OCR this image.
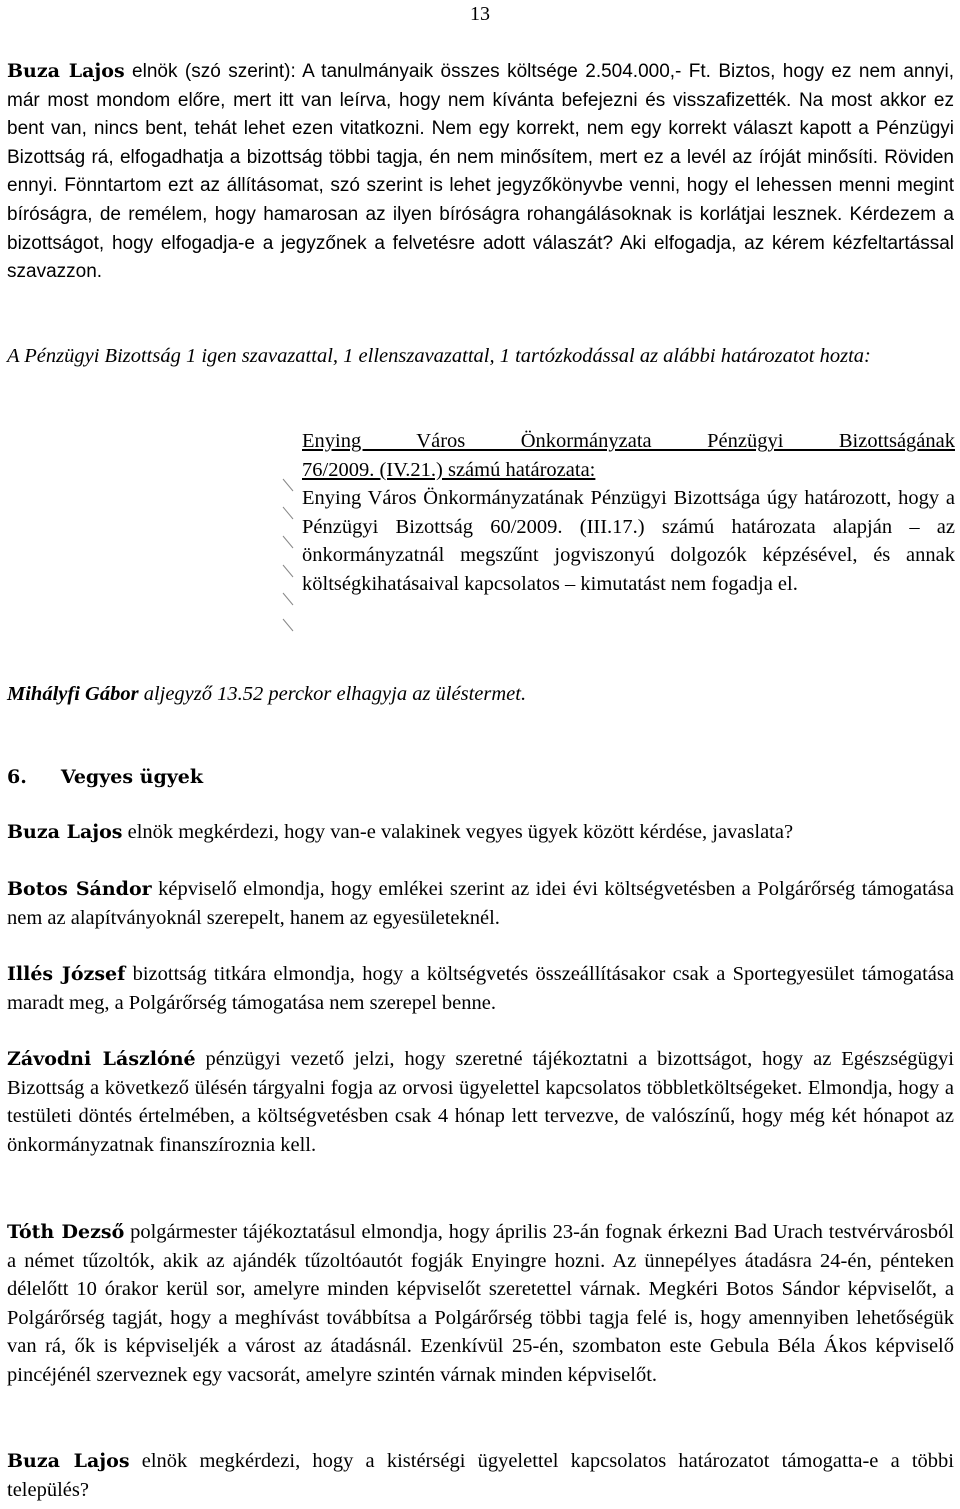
13

Buza Lajos elnök (szó szerint): A tanulmányaik összes költsége 2.504.000,- Ft. Biztos, hogy ez nem annyi, már most mondom előre, mert itt van leírva, hogy nem kívánta befejezni és visszafizették. Na most akkor ez bent van, nincs bent, tehát lehet ezen vitatkozni. Nem egy korrekt, nem egy korrekt választ kapott a Pénzügyi Bizottság rá, elfogadhatja a bizottság többi tagja, én nem minősítem, mert ez a levél az íróját minősíti. Röviden ennyi. Fönntartom ezt az állításomat, szó szerint is lehet jegyzőkönyvbe venni, hogy el lehessen menni megint bíróságra, de remélem, hogy hamarosan az ilyen bíróságra rohangálásoknak is korlátjai lesznek. Kérdezem a bizottságot, hogy elfogadja-e a jegyzőnek a felvetésre adott válaszát? Aki elfogadja, az kérem kézfeltartással szavazzon.

A Pénzügyi Bizottság 1 igen szavazattal, 1 ellenszavazattal, 1 tartózkodással az alábbi határozatot hozta:

Enying Város Önkormányzata Pénzügyi Bizottságának

76/2009. (IV.21.) számú határozata:

Enying Város Önkormányzatának Pénzügyi Bizottsága úgy határozott, hogy a Pénzügyi Bizottság 60/2009. (III.17.) számú határozata alapján – az önkormányzatnál megszűnt jogviszonyú dolgozók képzésével, és annak költségkihatásaival kapcsolatos – kimutatást nem fogadja el.

Mihályfi Gábor aljegyző 13.52 perckor elhagyja az üléstermet.

6. Vegyes ügyek

Buza Lajos elnök megkérdezi, hogy van-e valakinek vegyes ügyek között kérdése, javaslata?

Botos Sándor képviselő elmondja, hogy emlékei szerint az idei évi költségvetésben a Polgárőrség támogatása nem az alapítványoknál szerepelt, hanem az egyesületeknél.

Illés József bizottság titkára elmondja, hogy a költségvetés összeállításakor csak a Sportegyesület támogatása maradt meg, a Polgárőrség támogatása nem szerepel benne.

Závodni Lászlóné pénzügyi vezető jelzi, hogy szeretné tájékoztatni a bizottságot, hogy az Egészségügyi Bizottság a következő ülésén tárgyalni fogja az orvosi ügyelettel kapcsolatos többletköltségeket. Elmondja, hogy a testületi döntés értelmében, a költségvetésben csak 4 hónap lett tervezve, de valószínű, hogy még két hónapot az önkormányzatnak finanszíroznia kell.

Tóth Dezső polgármester tájékoztatásul elmondja, hogy április 23-án fognak érkezni Bad Urach testvérvárosból a német tűzoltók, akik az ajándék tűzoltóautót fogják Enyingre hozni. Az ünnepélyes átadásra 24-én, pénteken délelőtt 10 órakor kerül sor, amelyre minden képviselőt szeretettel várnak. Megkéri Botos Sándor képviselőt, a Polgárőrség tagját, hogy a meghívást továbbítsa a Polgárőrség többi tagja felé is, hogy amennyiben lehetőségük van rá, ők is képviseljék a várost az átadásnál. Ezenkívül 25-én, szombaton este Gebula Béla Ákos képviselő pincéjénél szerveznek egy vacsorát, amelyre szintén várnak minden képviselőt.

Buza Lajos elnök megkérdezi, hogy a kistérségi ügyelettel kapcsolatos határozatot támogatta-e a többi település?
